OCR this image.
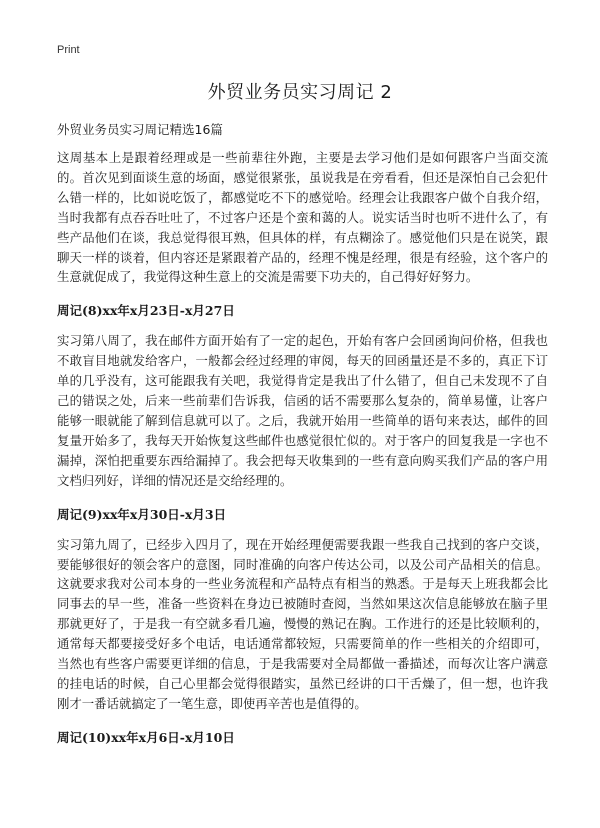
Print
外贸业务员实习周记 2

外贸业务员实习周记精选16篇

这周基本上是跟着经理或是一些前辈往外跑，主要是去学习他们是如何跟客户当面交流的。首次见到面谈生意的场面，感觉很紧张，虽说我是在旁看看，但还是深怕自己会犯什么错一样的，比如说吃饭了，都感觉吃不下的感觉哈。经理会让我跟客户做个自我介绍，当时我都有点吞吞吐吐了，不过客户还是个蛮和蔼的人。说实话当时也听不进什么了，有些产品他们在谈，我总觉得很耳熟，但具体的样，有点糊涂了。感觉他们只是在说笑，跟聊天一样的谈着，但内容还是紧跟着产品的，经理不愧是经理，很是有经验，这个客户的生意就促成了，我觉得这种生意上的交流是需要下功夫的，自己得好好努力。

周记(8)xx年x月23日-x月27日

实习第八周了，我在邮件方面开始有了一定的起色，开始有客户会回函询问价格，但我也不敢盲目地就发给客户，一般都会经过经理的审阅，每天的回函量还是不多的，真正下订单的几乎没有，这可能跟我有关吧，我觉得肯定是我出了什么错了，但自己未发现不了自己的错误之处，后来一些前辈们告诉我，信函的话不需要那么复杂的，简单易懂，让客户能够一眼就能了解到信息就可以了。之后，我就开始用一些简单的语句来表达，邮件的回复量开始多了，我每天开始恢复这些邮件也感觉很忙似的。对于客户的回复我是一字也不漏掉，深怕把重要东西给漏掉了。我会把每天收集到的一些有意向购买我们产品的客户用文档归列好，详细的情况还是交给经理的。

周记(9)xx年x月30日-x月3日

实习第九周了，已经步入四月了，现在开始经理便需要我跟一些我自己找到的客户交谈，要能够很好的领会客户的意图，同时准确的向客户传达公司，以及公司产品相关的信息。这就要求我对公司本身的一些业务流程和产品特点有相当的熟悉。于是每天上班我都会比同事去的早一些，准备一些资料在身边已被随时查阅，当然如果这次信息能够放在脑子里那就更好了，于是我一有空就多看几遍，慢慢的熟记在胸。工作进行的还是比较顺利的，通常每天都要接受好多个电话，电话通常都较短，只需要简单的作一些相关的介绍即可，当然也有些客户需要更详细的信息，于是我需要对全局都做一番描述，而每次让客户满意的挂电话的时候，自己心里都会觉得很踏实，虽然已经讲的口干舌燥了，但一想，也许我刚才一番话就搞定了一笔生意，即使再辛苦也是值得的。

周记(10)xx年x月6日-x月10日
